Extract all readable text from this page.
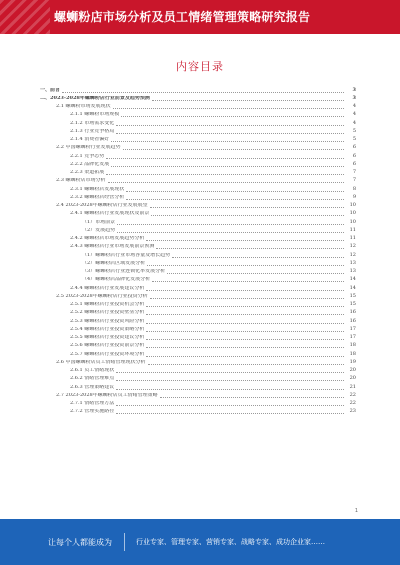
螺蛳粉店市场分析及员工情绪管理策略研究报告
内容目录
一、前言	3
二、2023-2028年螺蛳粉店行业前景及趋势预测	3
2.1 螺蛳粉市场发展现状	4
2.1.1 螺蛳粉市场规模	4
2.1.2 市场需求变化	4
2.1.3 行业竞争格局	5
2.1.4 消费者偏好	5
2.2 中国螺蛳粉行业发展趋势	6
2.2.1 竞争态势	6
2.2.2 品牌化发展	6
2.2.3 渠道拓展	7
2.3 螺蛳粉店市场分析	7
2.3.1 螺蛳粉店发展现状	8
2.3.2 螺蛳粉店经营分析	9
2.4 2023-2028年螺蛳粉店行业发展展望	10
2.4.1 螺蛳粉店行业发展现状及前景	10
（1）市场前景	10
（2）发展趋势	11
2.4.2 螺蛳粉店市场发展趋势分析	11
2.4.3 螺蛳粉店行业市场发展前景预测	12
（1）螺蛳粉店行业市场容量及增长趋势	12
（2）螺蛳粉店区域发展分析	13
（3）螺蛳粉店行业连锁化率发展分析	13
（4）螺蛳粉店品牌化发展分析	14
2.4.4 螺蛳粉店行业发展建议分析	14
2.5 2023-2028年螺蛳粉店行业投资分析	15
2.5.1 螺蛳粉店行业投资机会分析	15
2.5.2 螺蛳粉店行业投资壁垒分析	16
2.5.3 螺蛳粉店行业投资风险分析	16
2.5.4 螺蛳粉店行业投资策略分析	17
2.5.5 螺蛳粉店行业投资建议分析	17
2.5.6 螺蛳粉店行业投资前景分析	18
2.5.7 螺蛳粉店行业投资环境分析	18
2.6 中国螺蛳粉店员工情绪管理现状分析	19
2.6.1 员工情绪现状	20
2.6.2 情绪管理难点	20
2.6.3 管理策略建议	21
2.7 2023-2028年螺蛳粉店员工情绪管理策略	22
2.7.1 情绪管理方法	22
2.7.2 管理实施路径	23
1
让每个人都能成为	行业专家、管理专家、营销专家、战略专家、成功企业家……
